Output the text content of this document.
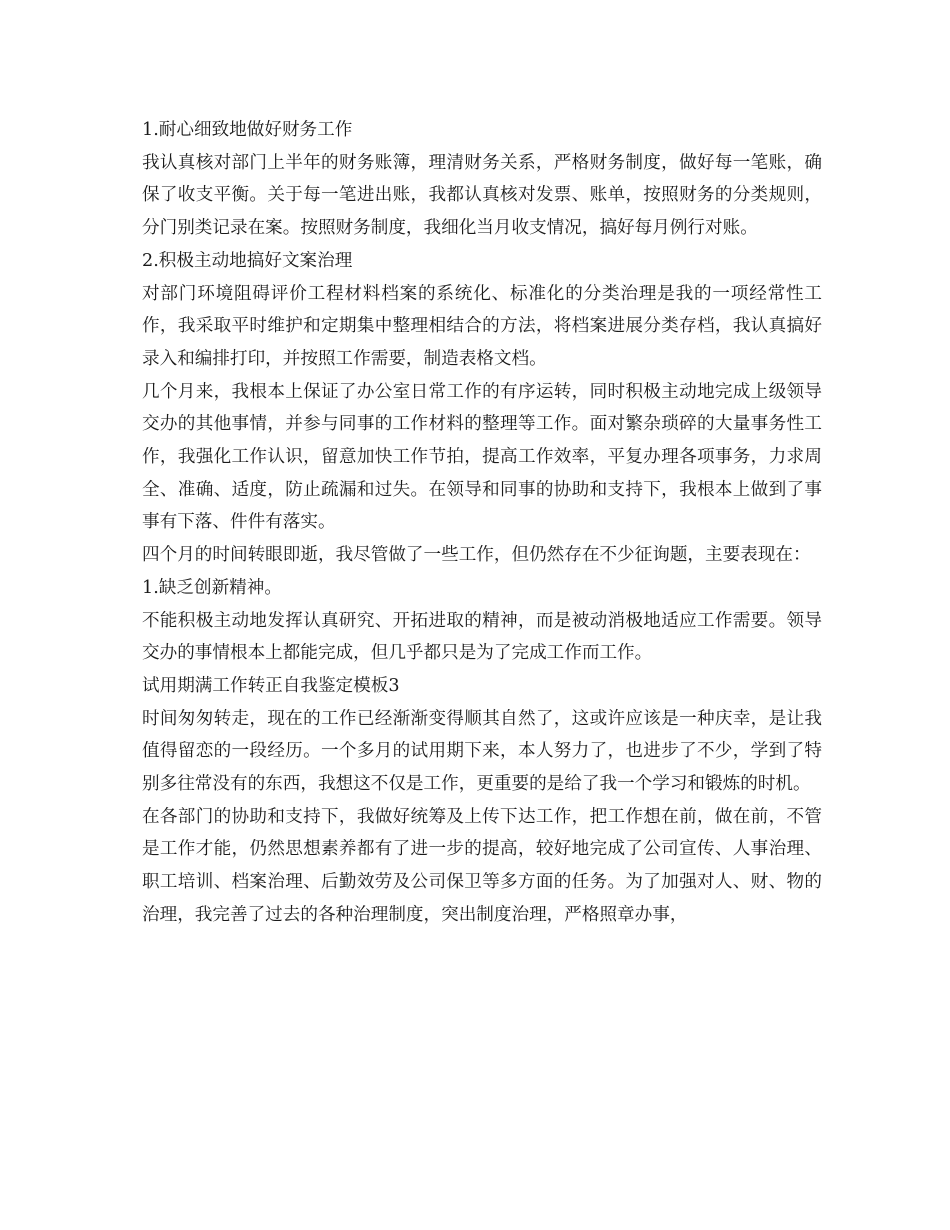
1.耐心细致地做好财务工作

我认真核对部门上半年的财务账簿，理清财务关系，严格财务制度，做好每一笔账，确保了收支平衡。关于每一笔进出账，我都认真核对发票、账单，按照财务的分类规则，分门别类记录在案。按照财务制度，我细化当月收支情况，搞好每月例行对账。

2.积极主动地搞好文案治理

对部门环境阻碍评价工程材料档案的系统化、标准化的分类治理是我的一项经常性工作，我采取平时维护和定期集中整理相结合的方法，将档案进展分类存档，我认真搞好录入和编排打印，并按照工作需要，制造表格文档。

几个月来，我根本上保证了办公室日常工作的有序运转，同时积极主动地完成上级领导交办的其他事情，并参与同事的工作材料的整理等工作。面对繁杂琐碎的大量事务性工作，我强化工作认识，留意加快工作节拍，提高工作效率，平复办理各项事务，力求周全、准确、适度，防止疏漏和过失。在领导和同事的协助和支持下，我根本上做到了事事有下落、件件有落实。

四个月的时间转眼即逝，我尽管做了一些工作，但仍然存在不少征询题，主要表现在：

1.缺乏创新精神。

不能积极主动地发挥认真研究、开拓进取的精神，而是被动消极地适应工作需要。领导交办的事情根本上都能完成，但几乎都只是为了完成工作而工作。

试用期满工作转正自我鉴定模板3

时间匆匆转走，现在的工作已经渐渐变得顺其自然了，这或许应该是一种庆幸，是让我值得留恋的一段经历。一个多月的试用期下来，本人努力了，也进步了不少，学到了特别多往常没有的东西，我想这不仅是工作，更重要的是给了我一个学习和锻炼的时机。

在各部门的协助和支持下，我做好统筹及上传下达工作，把工作想在前，做在前，不管是工作才能，仍然思想素养都有了进一步的提高，较好地完成了公司宣传、人事治理、职工培训、档案治理、后勤效劳及公司保卫等多方面的任务。为了加强对人、财、物的治理，我完善了过去的各种治理制度，突出制度治理，严格照章办事，
